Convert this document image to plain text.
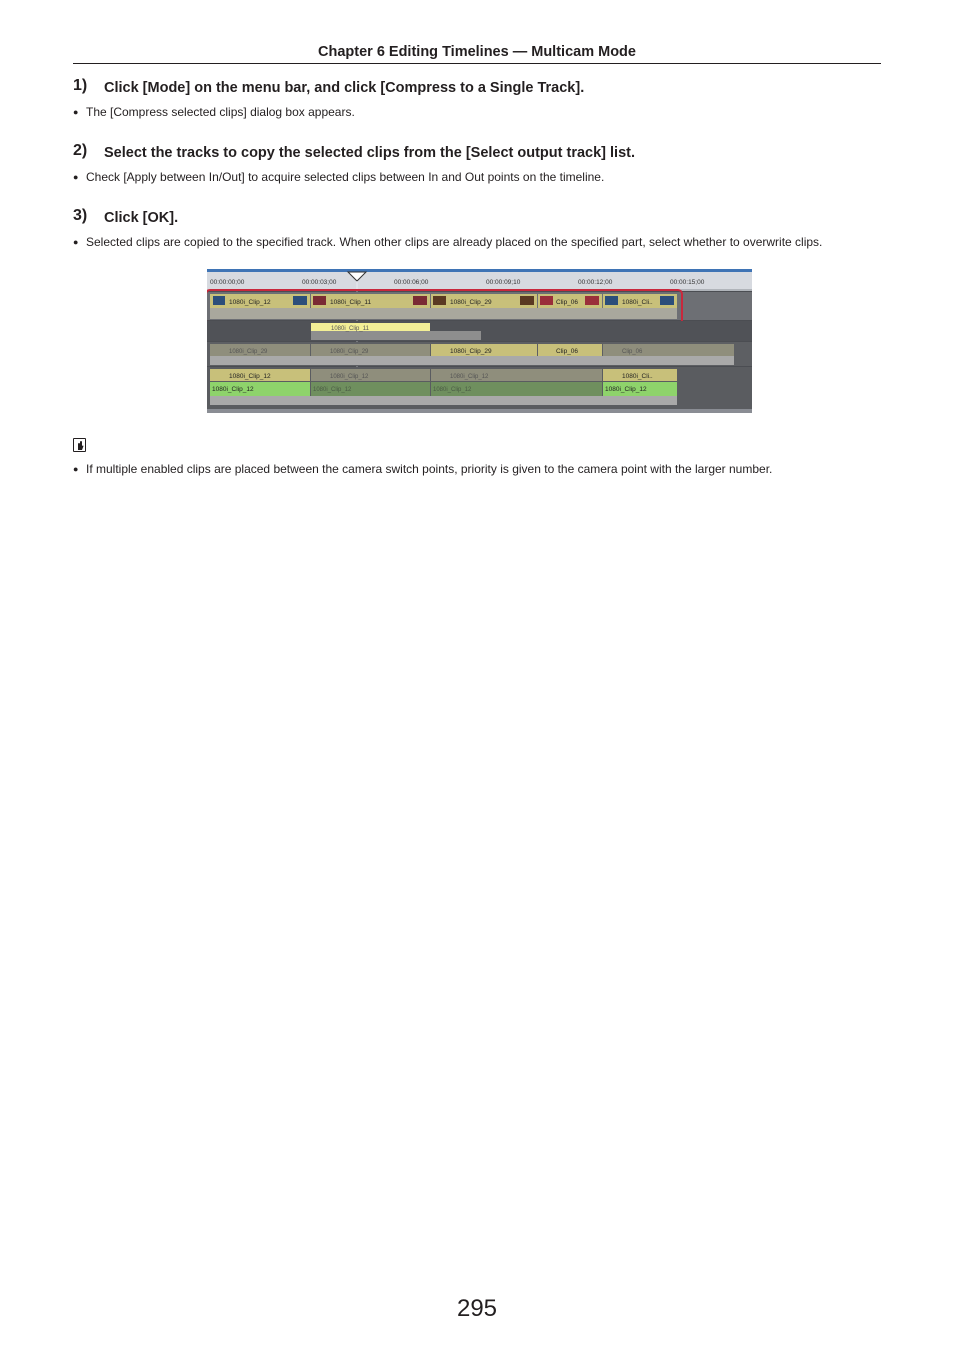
Chapter 6 Editing Timelines — Multicam Mode
1) Click [Mode] on the menu bar, and click [Compress to a Single Track].
● The [Compress selected clips] dialog box appears.
2) Select the tracks to copy the selected clips from the [Select output track] list.
● Check [Apply between In/Out] to acquire selected clips between In and Out points on the timeline.
3) Click [OK].
● Selected clips are copied to the specified track. When other clips are already placed on the specified part, select whether to overwrite clips.
00:00:00;00	00:00:03;00	00:00:06;00	00:00:09;10	00:00:12;00	00:00:15;00
1080i_Clip_12	1080i_Clip_11	1080i_Clip_29	Clip_06	1080i_Cli..
1080i_Clip_11
1080i_Clip_29	1080i_Clip_29	1080i_Clip_29	Clip_06	Clip_06
1080i_Clip_12	1080i_Clip_12	1080i_Clip_12	1080i_Cli..
1080i_Clip_12	1080i_Clip_12	1080i_Clip_12	1080i_Clip_12
● If multiple enabled clips are placed between the camera switch points, priority is given to the camera point with the larger number.
295
